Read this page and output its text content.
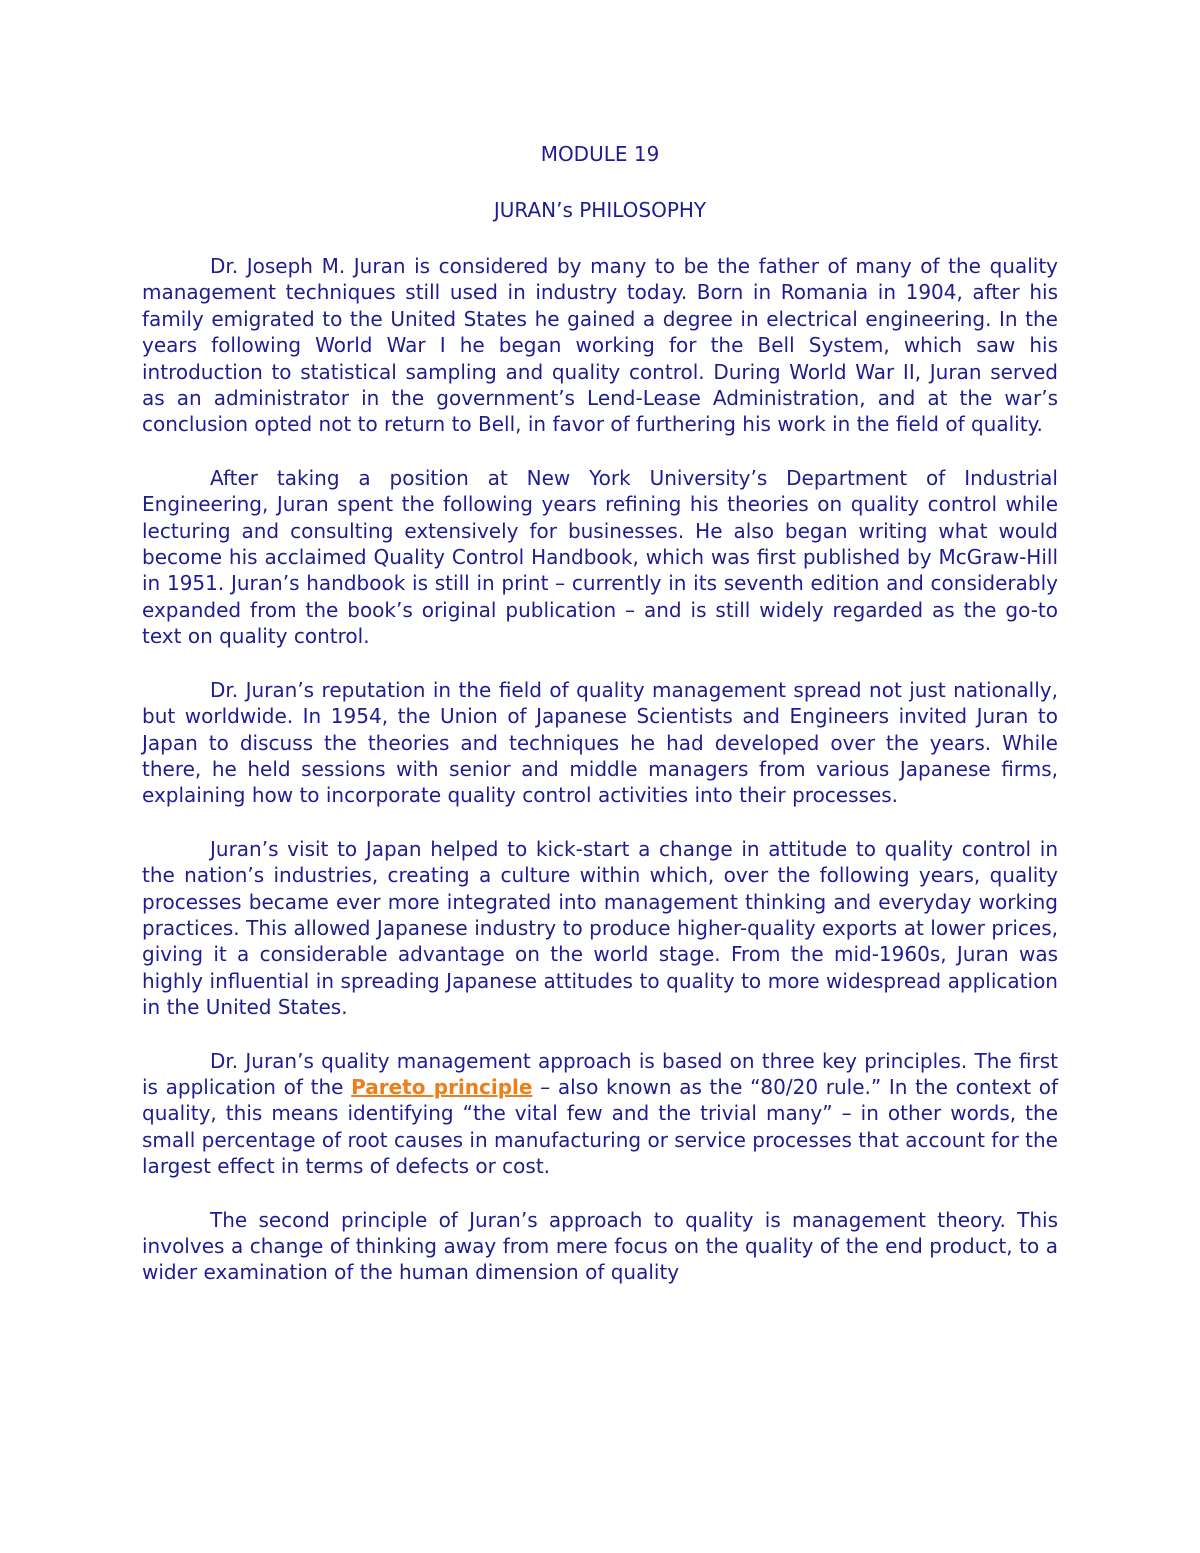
MODULE 19

JURAN’s PHILOSOPHY

Dr. Joseph M. Juran is considered by many to be the father of many of the quality management techniques still used in industry today. Born in Romania in 1904, after his family emigrated to the United States he gained a degree in electrical engineering. In the years following World War I he began working for the Bell System, which saw his introduction to statistical sampling and quality control. During World War II, Juran served as an administrator in the government’s Lend-Lease Administration, and at the war’s conclusion opted not to return to Bell, in favor of furthering his work in the field of quality.

After taking a position at New York University’s Department of Industrial Engineering, Juran spent the following years refining his theories on quality control while lecturing and consulting extensively for businesses. He also began writing what would become his acclaimed Quality Control Handbook, which was first published by McGraw-Hill in 1951. Juran’s handbook is still in print – currently in its seventh edition and considerably expanded from the book’s original publication – and is still widely regarded as the go-to text on quality control.

Dr. Juran’s reputation in the field of quality management spread not just nationally, but worldwide. In 1954, the Union of Japanese Scientists and Engineers invited Juran to Japan to discuss the theories and techniques he had developed over the years. While there, he held sessions with senior and middle managers from various Japanese firms, explaining how to incorporate quality control activities into their processes.

Juran’s visit to Japan helped to kick-start a change in attitude to quality control in the nation’s industries, creating a culture within which, over the following years, quality processes became ever more integrated into management thinking and everyday working practices. This allowed Japanese industry to produce higher-quality exports at lower prices, giving it a considerable advantage on the world stage. From the mid-1960s, Juran was highly influential in spreading Japanese attitudes to quality to more widespread application in the United States.

Dr. Juran’s quality management approach is based on three key principles. The first is application of the Pareto principle – also known as the “80/20 rule.” In the context of quality, this means identifying “the vital few and the trivial many” – in other words, the small percentage of root causes in manufacturing or service processes that account for the largest effect in terms of defects or cost.

The second principle of Juran’s approach to quality is management theory. This involves a change of thinking away from mere focus on the quality of the end product, to a wider examination of the human dimension of quality
